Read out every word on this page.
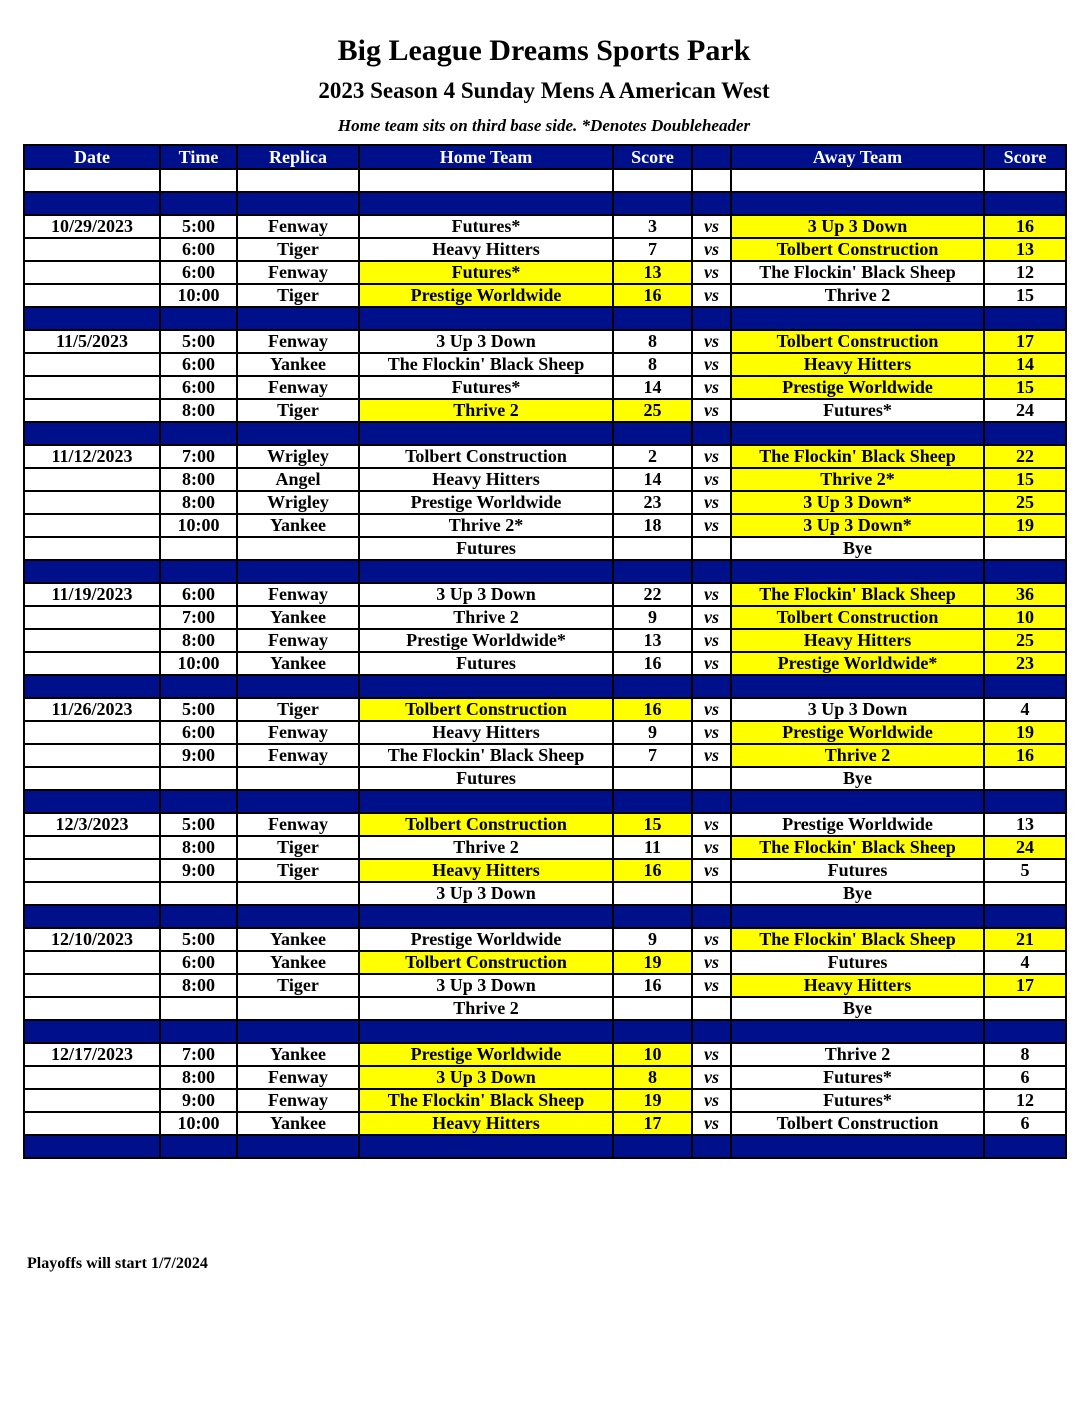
Big League Dreams Sports Park
2023 Season 4 Sunday Mens A American West
Home team sits on third base side. *Denotes Doubleheader
Date	Time	Replica	Home Team	Score		Away Team	Score

10/29/2023	5:00	Fenway	Futures*	3	vs	3 Up 3 Down	16
	6:00	Tiger	Heavy Hitters	7	vs	Tolbert Construction	13
	6:00	Fenway	Futures*	13	vs	The Flockin' Black Sheep	12
	10:00	Tiger	Prestige Worldwide	16	vs	Thrive 2	15

11/5/2023	5:00	Fenway	3 Up 3 Down	8	vs	Tolbert Construction	17
	6:00	Yankee	The Flockin' Black Sheep	8	vs	Heavy Hitters	14
	6:00	Fenway	Futures*	14	vs	Prestige Worldwide	15
	8:00	Tiger	Thrive 2	25	vs	Futures*	24

11/12/2023	7:00	Wrigley	Tolbert Construction	2	vs	The Flockin' Black Sheep	22
	8:00	Angel	Heavy Hitters	14	vs	Thrive 2*	15
	8:00	Wrigley	Prestige Worldwide	23	vs	3 Up 3 Down*	25
	10:00	Yankee	Thrive 2*	18	vs	3 Up 3 Down*	19
			Futures			Bye	

11/19/2023	6:00	Fenway	3 Up 3 Down	22	vs	The Flockin' Black Sheep	36
	7:00	Yankee	Thrive 2	9	vs	Tolbert Construction	10
	8:00	Fenway	Prestige Worldwide*	13	vs	Heavy Hitters	25
	10:00	Yankee	Futures	16	vs	Prestige Worldwide*	23

11/26/2023	5:00	Tiger	Tolbert Construction	16	vs	3 Up 3 Down	4
	6:00	Fenway	Heavy Hitters	9	vs	Prestige Worldwide	19
	9:00	Fenway	The Flockin' Black Sheep	7	vs	Thrive 2	16
			Futures			Bye	

12/3/2023	5:00	Fenway	Tolbert Construction	15	vs	Prestige Worldwide	13
	8:00	Tiger	Thrive 2	11	vs	The Flockin' Black Sheep	24
	9:00	Tiger	Heavy Hitters	16	vs	Futures	5
			3 Up 3 Down			Bye	

12/10/2023	5:00	Yankee	Prestige Worldwide	9	vs	The Flockin' Black Sheep	21
	6:00	Yankee	Tolbert Construction	19	vs	Futures	4
	8:00	Tiger	3 Up 3 Down	16	vs	Heavy Hitters	17
			Thrive 2			Bye	

12/17/2023	7:00	Yankee	Prestige Worldwide	10	vs	Thrive 2	8
	8:00	Fenway	3 Up 3 Down	8	vs	Futures*	6
	9:00	Fenway	The Flockin' Black Sheep	19	vs	Futures*	12
	10:00	Yankee	Heavy Hitters	17	vs	Tolbert Construction	6

Playoffs will start 1/7/2024
